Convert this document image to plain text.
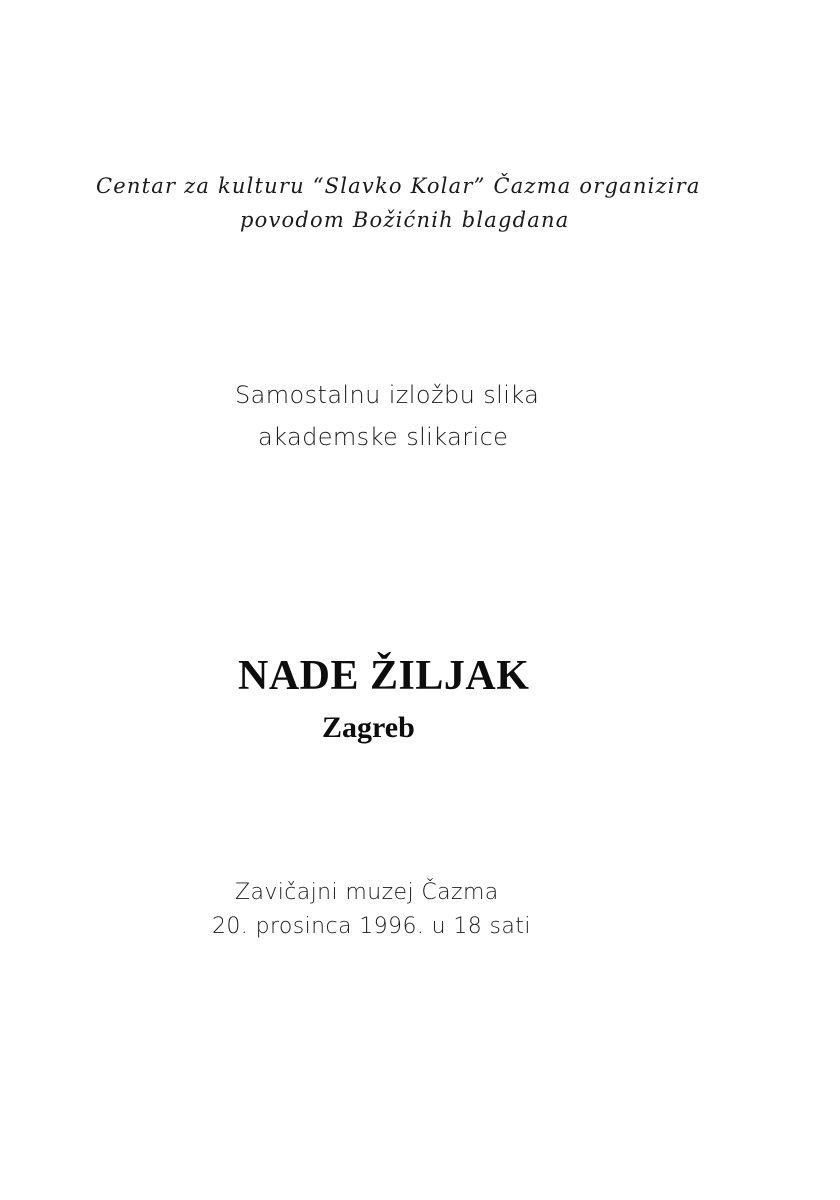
Centar za kulturu “Slavko Kolar” Čazma organizira

povodom Božićnih blagdana

Samostalnu izložbu slika

akademske slikarice

NADE ŽILJAK
Zagreb

Zavičajni muzej Čazma

20. prosinca 1996. u 18 sati
